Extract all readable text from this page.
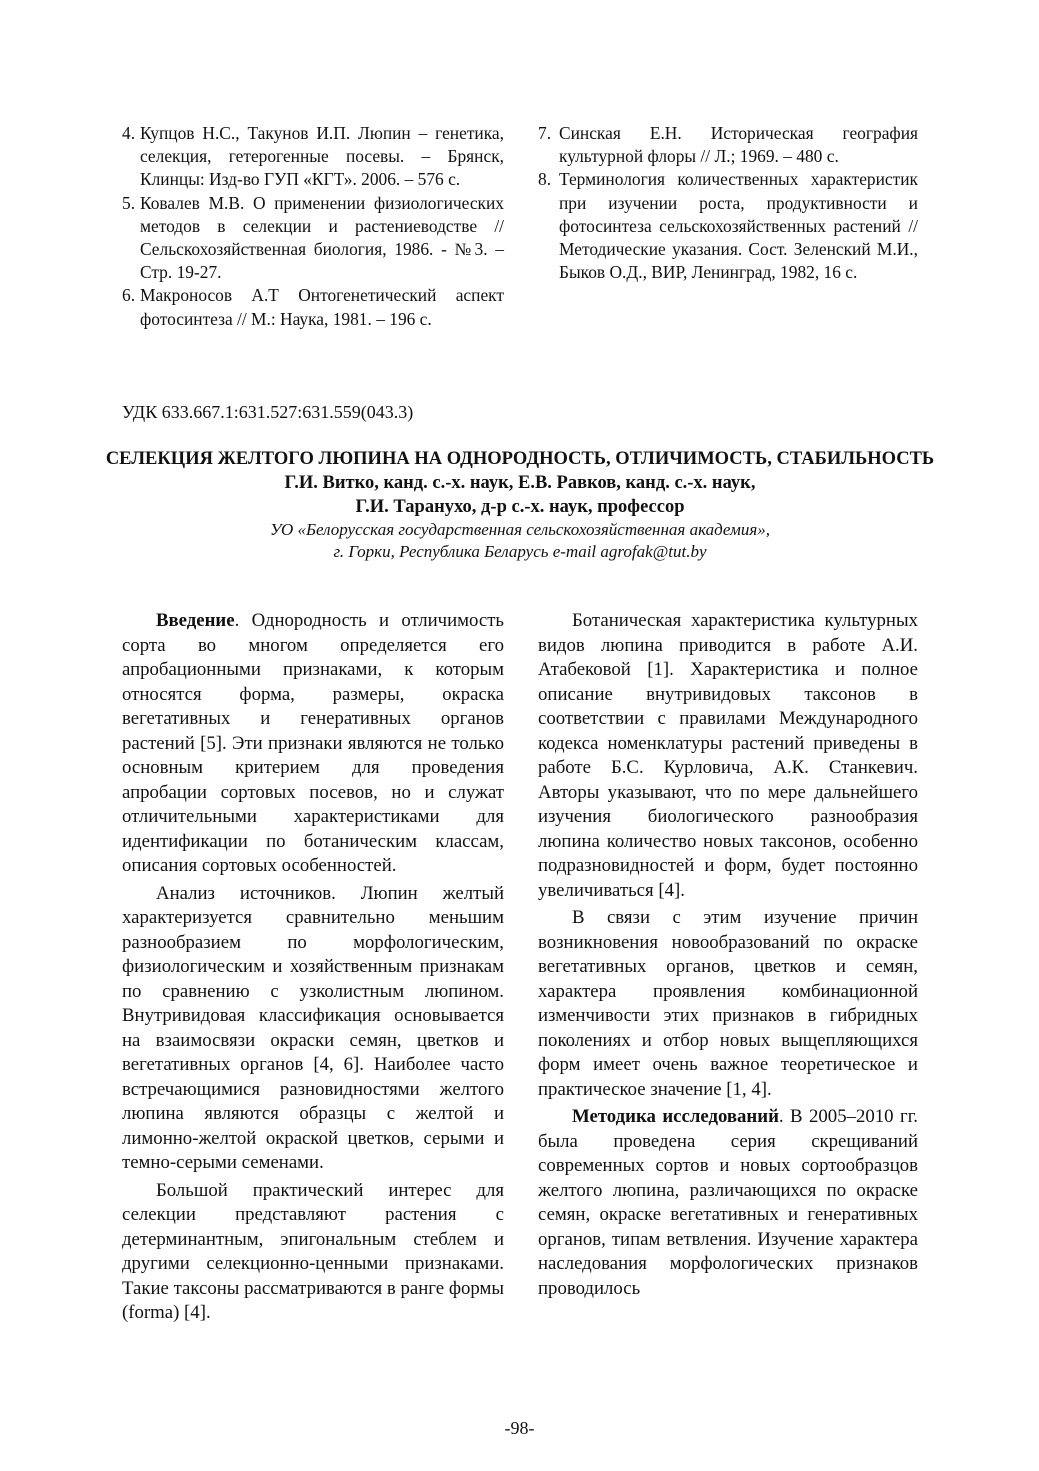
4. Купцов Н.С., Такунов И.П. Люпин – генетика, селекция, гетерогенные посевы. – Брянск, Клинцы: Изд-во ГУП «КГТ». 2006. – 576 с.
5. Ковалев М.В. О применении физиологических методов в селекции и растениеводстве // Сельскохозяйственная биология, 1986. - №3. – Стр. 19-27.
6. Макроносов А.Т Онтогенетический аспект фотосинтеза // М.: Наука, 1981. – 196 с.
7. Синская Е.Н. Историческая география культурной флоры // Л.; 1969. – 480 с.
8. Терминология количественных характеристик при изучении роста, продуктивности и фотосинтеза сельскохозяйственных растений // Методические указания. Сост. Зеленский М.И., Быков О.Д., ВИР, Ленинград, 1982, 16 с.
УДК 633.667.1:631.527:631.559(043.3)

СЕЛЕКЦИЯ ЖЕЛТОГО ЛЮПИНА НА ОДНОРОДНОСТЬ, ОТЛИЧИМОСТЬ, СТАБИЛЬНОСТЬ

Г.И. Витко, канд. с.-х. наук, Е.В. Равков, канд. с.-х. наук,

Г.И. Таранухо, д-р с.-х. наук, профессор

УО «Белорусская государственная сельскохозяйственная академия»,

г. Горки, Республика Беларусь e-mail agrofak@tut.by

Введение. Однородность и отличимость сорта во многом определяется его апробационными признаками, к которым относятся форма, размеры, окраска вегетативных и генеративных органов растений [5]. Эти признаки являются не только основным критерием для проведения апробации сортовых посевов, но и служат отличительными характеристиками для идентификации по ботаническим классам, описания сортовых особенностей.

Анализ источников. Люпин желтый характеризуется сравнительно меньшим разнообразием по морфологическим, физиологическим и хозяйственным признакам по сравнению с узколистным люпином. Внутривидовая классификация основывается на взаимосвязи окраски семян, цветков и вегетативных органов [4, 6]. Наиболее часто встречающимися разновидностями желтого люпина являются образцы с желтой и лимонно-желтой окраской цветков, серыми и темно-серыми семенами.

Большой практический интерес для селекции представляют растения с детерминантным, эпигональным стеблем и другими селекционно-ценными признаками. Такие таксоны рассматриваются в ранге формы (forma) [4].

Ботаническая характеристика культурных видов люпина приводится в работе А.И. Атабековой [1]. Характеристика и полное описание внутривидовых таксонов в соответствии с правилами Международного кодекса номенклатуры растений приведены в работе Б.С. Курловича, А.К. Станкевич. Авторы указывают, что по мере дальнейшего изучения биологического разнообразия люпина количество новых таксонов, особенно подразновидностей и форм, будет постоянно увеличиваться [4].

В связи с этим изучение причин возникновения новообразований по окраске вегетативных органов, цветков и семян, характера проявления комбинационной изменчивости этих признаков в гибридных поколениях и отбор новых выщепляющихся форм имеет очень важное теоретическое и практическое значение [1, 4].

Методика исследований. В 2005–2010 гг. была проведена серия скрещиваний современных сортов и новых сортообразцов желтого люпина, различающихся по окраске семян, окраске вегетативных и генеративных органов, типам ветвления. Изучение характера наследования морфологических признаков проводилось

-98-
